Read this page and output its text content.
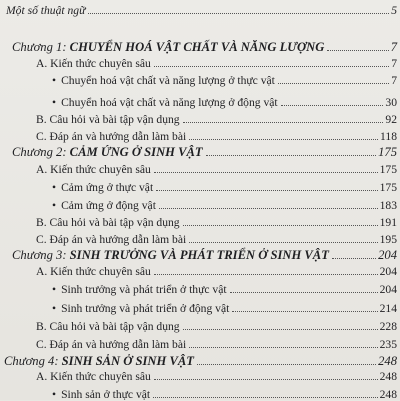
Một số thuật ngữ	5
Chương 1: CHUYỂN HOÁ VẬT CHẤT VÀ NĂNG LƯỢNG	7
A. Kiến thức chuyên sâu	7
• Chuyển hoá vật chất và năng lượng ở thực vật	7
• Chuyển hoá vật chất và năng lượng ở động vật	30
B. Câu hỏi và bài tập vận dụng	92
C. Đáp án và hướng dẫn làm bài	118
Chương 2: CẢM ỨNG Ở SINH VẬT	175
A. Kiến thức chuyên sâu	175
• Cảm ứng ở thực vật	175
• Cảm ứng ở động vật	183
B. Câu hỏi và bài tập vận dụng	191
C. Đáp án và hướng dẫn làm bài	195
Chương 3: SINH TRƯỞNG VÀ PHÁT TRIỂN Ở SINH VẬT	204
A. Kiến thức chuyên sâu	204
• Sinh trưởng và phát triển ở thực vật	204
• Sinh trưởng và phát triển ở động vật	214
B. Câu hỏi và bài tập vận dụng	228
C. Đáp án và hướng dẫn làm bài	235
Chương 4: SINH SẢN Ở SINH VẬT	248
A. Kiến thức chuyên sâu	248
• Sinh sản ở thực vật	248
